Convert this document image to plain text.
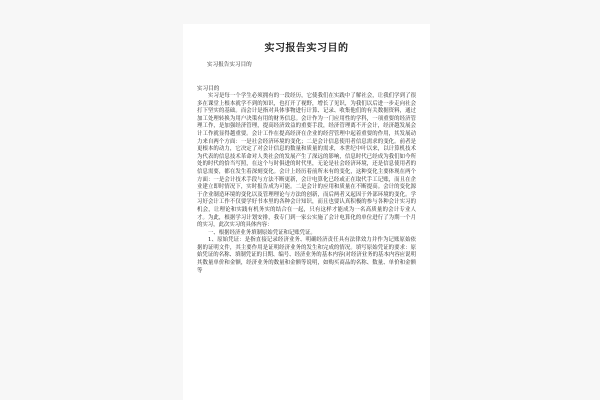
实习报告实习目的

实习报告实习目的

实习目的

实习是每一个学生必须拥有的一段经历，它使我们在实践中了解社会，让我们学到了很多在课堂上根本就学不到的知识，也打开了视野，增长了见识，为我们以后进一步走向社会打下坚实的基础。而会计是指对具体事物进行计算、记录、收集他们的有关数据资料，通过加工处理转换为用户决策有用的财务信息。会计作为一门应用性的学科，一项重要的经济管理工作，是加强经济管理，提高经济效益的重要手段，经济管理离不开会计，经济越发展会计工作就显得越重要。会计工作在提高经济在企业的经营管理中起着重要的作用，其发展动力来自两个方面：一是社会经济环境的变化；二是会计信息使用者信息需求的变化。前者是更根本的动力，它决定了对会计信息的数量和质量的需求，本世纪中叶以来，以计算机技术为代表的信息技术革命对人类社会的发展产生了深远的影响，信息时代已经成为我们如今所处的时代的恰当写照，在这个与时俱进的时代里，无论是社会经济环境，还是信息使用者的信息需要，都在发生着深刻变化。会计上经历着前所未有的变化，这种变化主要体现在两个方面：一是会计技术手段与方法不断更新，会计电算化已经或正在取代手工记账，而且在企业建立即时情况下，实时报告成为可能。二是会计的应用和质量在不断提高。会计的变化源于企业制造环境的变化以及管理理论与方法的创新，而后两者又起因于外部环境的变化。学习好会计工作不仅要学好书本里的各种会计知识，而且也要认真积极的参与各种会计实习的机会，让理论和实践有机务实的结合在一起，只有这样才能成为一名高质量的会计专业人才。为此，根据学习计划安排，我专门到一家公实施了会计电算化的单位进行了为期一个月的实习，此次实习的具体内容：

一、根据经济业务填制原始凭证和记账凭证。

1、原始凭证：是指直接记录经济业务、明确经济责任具有法律效力并作为记账原始依据的证明文件，其主要作用是证明经济业务的发生和完成的情况。填写原始凭证的要求：原始凭证的名称、填制凭证的日期、编号、经济业务的基本内容(对经济业务的基本内容应说明其数量单价和金额，经济业务的数量和金额等说明，如购买商品的名称、数量、单价和金额等
